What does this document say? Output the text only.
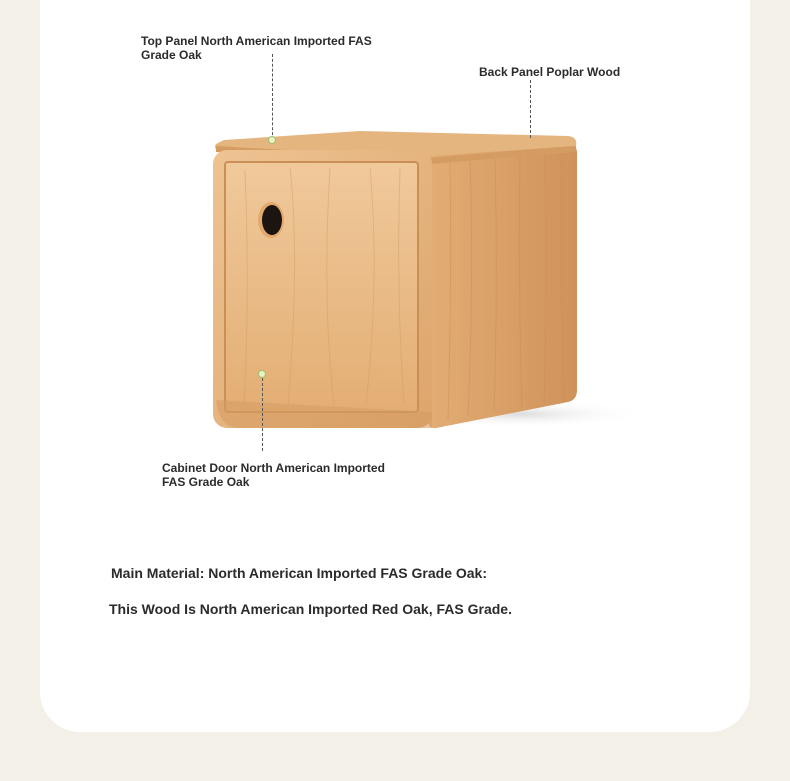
Top Panel North American Imported FAS Grade Oak
Back Panel Poplar Wood
Cabinet Door North American Imported FAS Grade Oak
Main Material: North American Imported FAS Grade Oak:
This Wood Is North American Imported Red Oak, FAS Grade.
